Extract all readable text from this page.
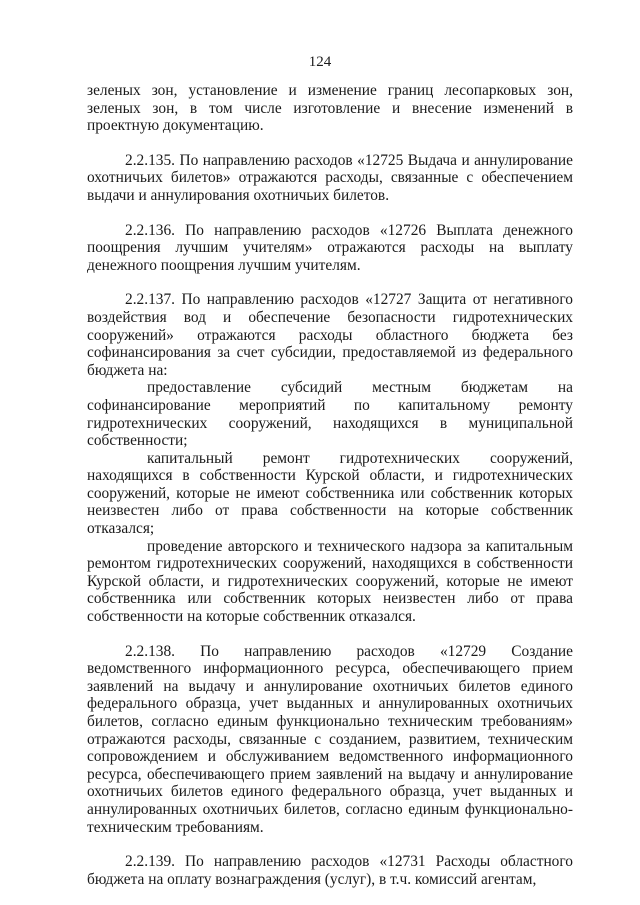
124

зеленых зон, установление и изменение границ лесопарковых зон, зеленых зон, в том числе изготовление и внесение изменений в проектную документацию.

2.2.135. По направлению расходов «12725 Выдача и аннулирование охотничьих билетов» отражаются расходы, связанные с обеспечением выдачи и аннулирования охотничьих билетов.

2.2.136. По направлению расходов «12726 Выплата денежного поощрения лучшим учителям» отражаются расходы на выплату денежного поощрения лучшим учителям.

2.2.137. По направлению расходов «12727 Защита от негативного воздействия вод и обеспечение безопасности гидротехнических сооружений» отражаются расходы областного бюджета без софинансирования за счет субсидии, предоставляемой из федерального бюджета на:

предоставление субсидий местным бюджетам на софинансирование мероприятий по капитальному ремонту гидротехнических сооружений, находящихся в муниципальной собственности;

капитальный ремонт гидротехнических сооружений, находящихся в собственности Курской области, и гидротехнических сооружений, которые не имеют собственника или собственник которых неизвестен либо от права собственности на которые собственник отказался;

проведение авторского и технического надзора за капитальным ремонтом гидротехнических сооружений, находящихся в собственности Курской области, и гидротехнических сооружений, которые не имеют собственника или собственник которых неизвестен либо от права собственности на которые собственник отказался.

2.2.138. По направлению расходов «12729 Создание ведомственного информационного ресурса, обеспечивающего прием заявлений на выдачу и аннулирование охотничьих билетов единого федерального образца, учет выданных и аннулированных охотничьих билетов, согласно единым функционально техническим требованиям» отражаются расходы, связанные с созданием, развитием, техническим сопровождением и обслуживанием ведомственного информационного ресурса, обеспечивающего прием заявлений на выдачу и аннулирование охотничьих билетов единого федерального образца, учет выданных и аннулированных охотничьих билетов, согласно единым функционально-техническим требованиям.

2.2.139. По направлению расходов «12731 Расходы областного бюджета на оплату вознаграждения (услуг), в т.ч. комиссий агентам,
